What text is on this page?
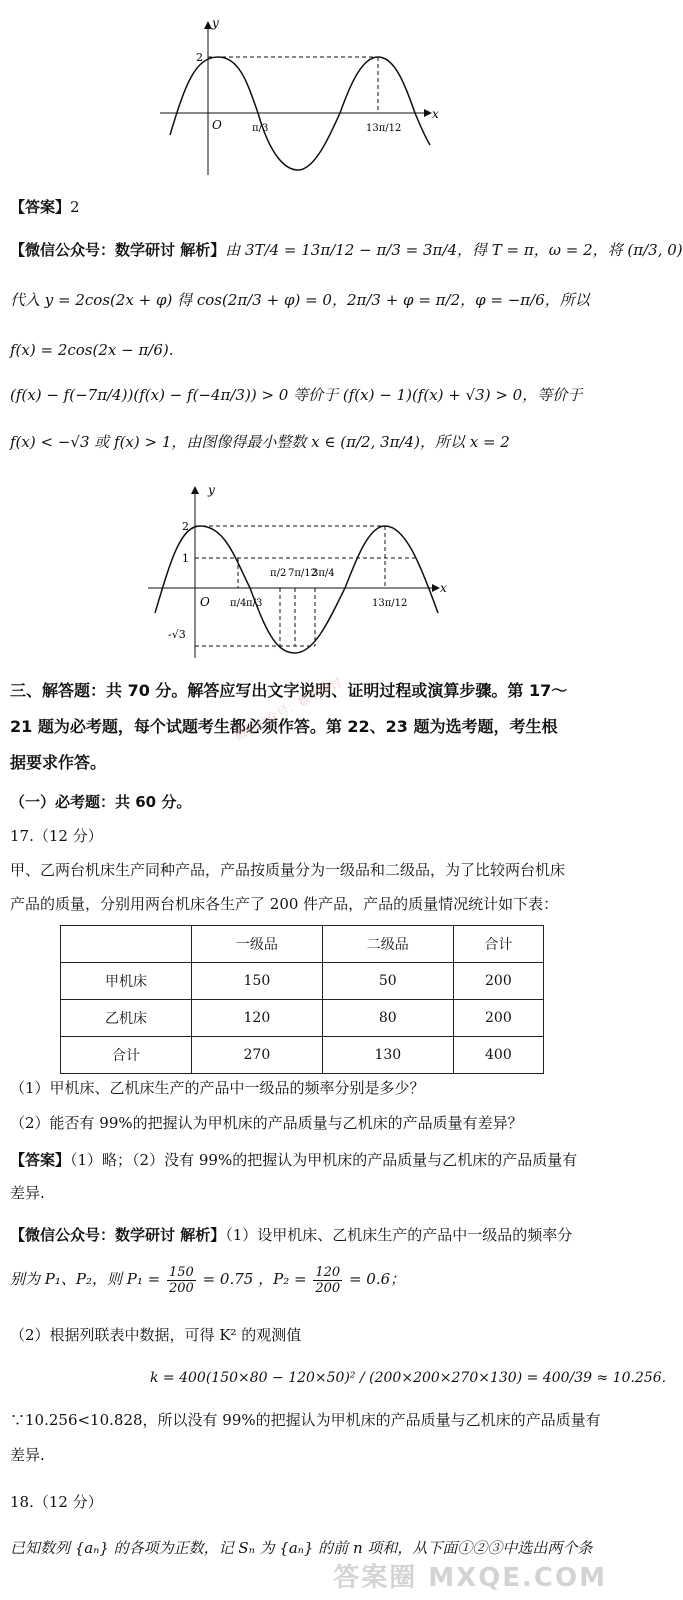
y
x
O
2
π/3	13π/12
【答案】2
【微信公众号：数学研讨 解析】由 3T/4 = 13π/12 − π/3 = 3π/4，得 T = π，ω = 2，将 (π/3, 0)
代入 y = 2cos(2x + φ) 得 cos(2π/3 + φ) = 0，2π/3 + φ = π/2，φ = −π/6，所以
f(x) = 2cos(2x − π/6).
(f(x) − f(−7π/4))(f(x) − f(−4π/3)) > 0 等价于 (f(x) − 1)(f(x) + √3) > 0，等价于
f(x) < −√3 或 f(x) > 1，由图像得最小整数 x ∈ (π/2, 3π/4)，所以 x = 2
y
x
O
2
1
-√3
π/4 π/3
π/2 7π/12
3π/4
13π/12
三、解答题：共 70 分。解答应写出文字说明、证明过程或演算步骤。第 17～
21 题为必考题，每个试题考生都必须作答。第 22、23 题为选考题，考生根
据要求作答。
（一）必考题：共 60 分。
微信公众号：数学研讨
17.（12 分）
甲、乙两台机床生产同种产品，产品按质量分为一级品和二级品，为了比较两台机床
产品的质量，分别用两台机床各生产了 200 件产品，产品的质量情况统计如下表：
	一级品	二级品	合计
甲机床	150	50	200
乙机床	120	80	200
合计	270	130	400
（1）甲机床、乙机床生产的产品中一级品的频率分别是多少？
（2）能否有 99%的把握认为甲机床的产品质量与乙机床的产品质量有差异？
【答案】（1）略；（2）没有 99%的把握认为甲机床的产品质量与乙机床的产品质量有
差异.
【微信公众号：数学研讨 解析】（1）设甲机床、乙机床生产的产品中一级品的频率分
别为 P₁、P₂，则 $P_1 = \frac{150}{200} = 0.75$ ，$P_2 = \frac{120}{200} = 0.6$；
（2）根据列联表中数据，可得 K² 的观测值
k = 400(150×80 − 120×50)² / (200×200×270×130) = 400/39 ≈ 10.256.
∵10.256<10.828，所以没有 99%的把握认为甲机床的产品质量与乙机床的产品质量有
差异.
18.（12 分）
已知数列 {aₙ} 的各项为正数，记 Sₙ 为 {aₙ} 的前 n 项和，从下面①②③中选出两个条
答案圈 MXQE.COM
